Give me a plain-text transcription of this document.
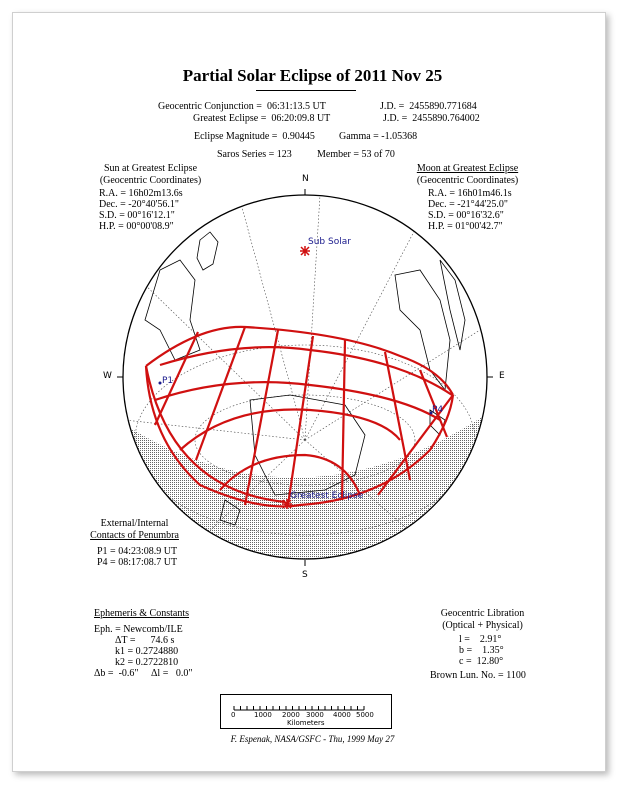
Partial Solar Eclipse of 2011 Nov 25
Geocentric Conjunction =  06:31:13.5 UT	J.D. =  2455890.771684
Greatest Eclipse =  06:20:09.8 UT	J.D. =  2455890.764002
Eclipse Magnitude =  0.90445 Gamma = -1.05368
Saros Series = 123	Member = 53 of 70
Sun at Greatest Eclipse
(Geocentric Coordinates)
R.A. = 16h02m13.6s
Dec. = -20°40'56.1"
S.D. = 00°16'12.1"
H.P. = 00°00'08.9"
Moon at Greatest Eclipse
(Geocentric Coordinates)
R.A. = 16h01m46.1s
Dec. = -21°44'25.0"
S.D. = 00°16'32.6"
H.P. = 01°00'42.7"
Sub Solar
Greatest Eclipse
P1
P4
N
S
W	E
External/Internal
Contacts of Penumbra
P1 = 04:23:08.9 UT
P4 = 08:17:08.7 UT
Ephemeris & Constants
Eph. = Newcomb/ILE
ΔT =      74.6 s
k1 = 0.2724880
k2 = 0.2722810
Δb =  -0.6"     Δl =   0.0"
Geocentric Libration
(Optical + Physical)
l =    2.91°
b =    1.35°
c =  12.80°
Brown Lun. No. = 1100
0	1000 2000 3000 4000 5000
Kilometers
F. Espenak, NASA/GSFC - Thu, 1999 May 27
